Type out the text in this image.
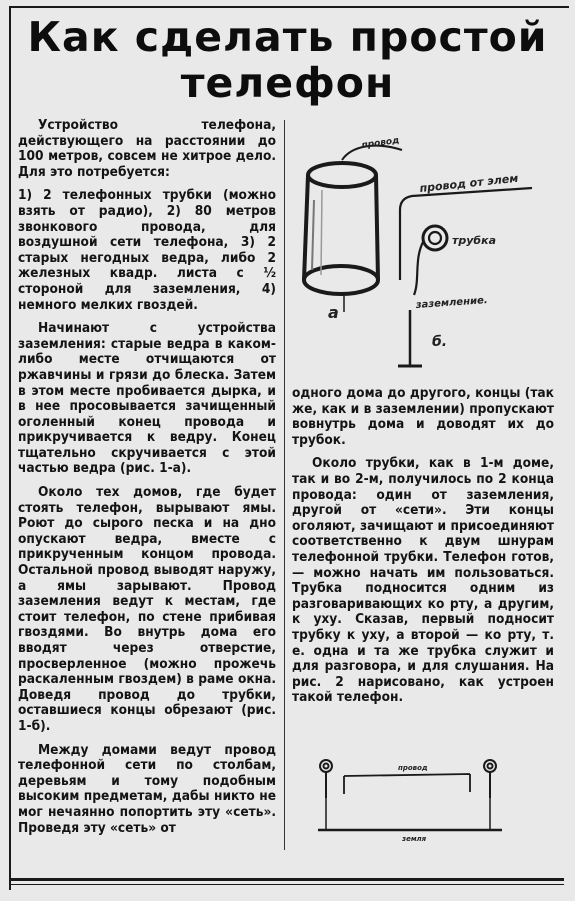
Как сделать простой телефон

Устройство телефона, действующего на расстоянии до 100 метров, совсем не хитрое дело. Для это потребуется:

1) 2 телефонных трубки (можно взять от радио), 2) 80 метров звонкового провода, для воздушной сети телефона, 3) 2 старых негодных ведра, либо 2 железных квадр. листа с ½ стороной для заземления, 4) немного мелких гвоздей.

Начинают с устройства заземления: старые ведра в каком-либо месте отчищаются от ржавчины и грязи до блеска. Затем в этом месте пробивается дырка, и в нее просовывается зачищенный оголенный конец провода и прикручивается к ведру. Конец тщательно скручивается с этой частью ведра (рис. 1-а).

Около тех домов, где будет стоять телефон, вырывают ямы. Роют до сырого песка и на дно опускают ведра, вместе с прикрученным концом провода. Остальной провод выводят наружу, а ямы зарывают. Провод заземления ведут к местам, где стоит телефон, по стене прибивая гвоздями. Во внутрь дома его вводят через отверстие, просверленное (можно прожечь раскаленным гвоздем) в раме окна. Доведя провод до трубки, оставшиеся концы обрезают (рис. 1-б).

Между домами ведут провод телефонной сети по столбам, деревьям и тому подобным высоким предметам, дабы никто не мог нечаянно попортить эту «сеть». Проведя эту «сеть» от

провод
а
провод от элем
трубка
заземление.
б.

одного дома до другого, концы (так же, как и в заземлении) пропускают вовнутрь дома и доводят их до трубок.

Около трубки, как в 1-м доме, так и во 2-м, получилось по 2 конца провода: один от заземления, другой от «сети». Эти концы оголяют, зачищают и присоединяют соответственно к двум шнурам телефонной трубки. Телефон готов, — можно начать им пользоваться. Трубка подносится одним из разговаривающих ко рту, а другим, к уху. Сказав, первый подносит трубку к уху, а второй — ко рту, т. е. одна и та же трубка служит и для разговора, и для слушания. На рис. 2 нарисовано, как устроен такой телефон.

провод
земля
